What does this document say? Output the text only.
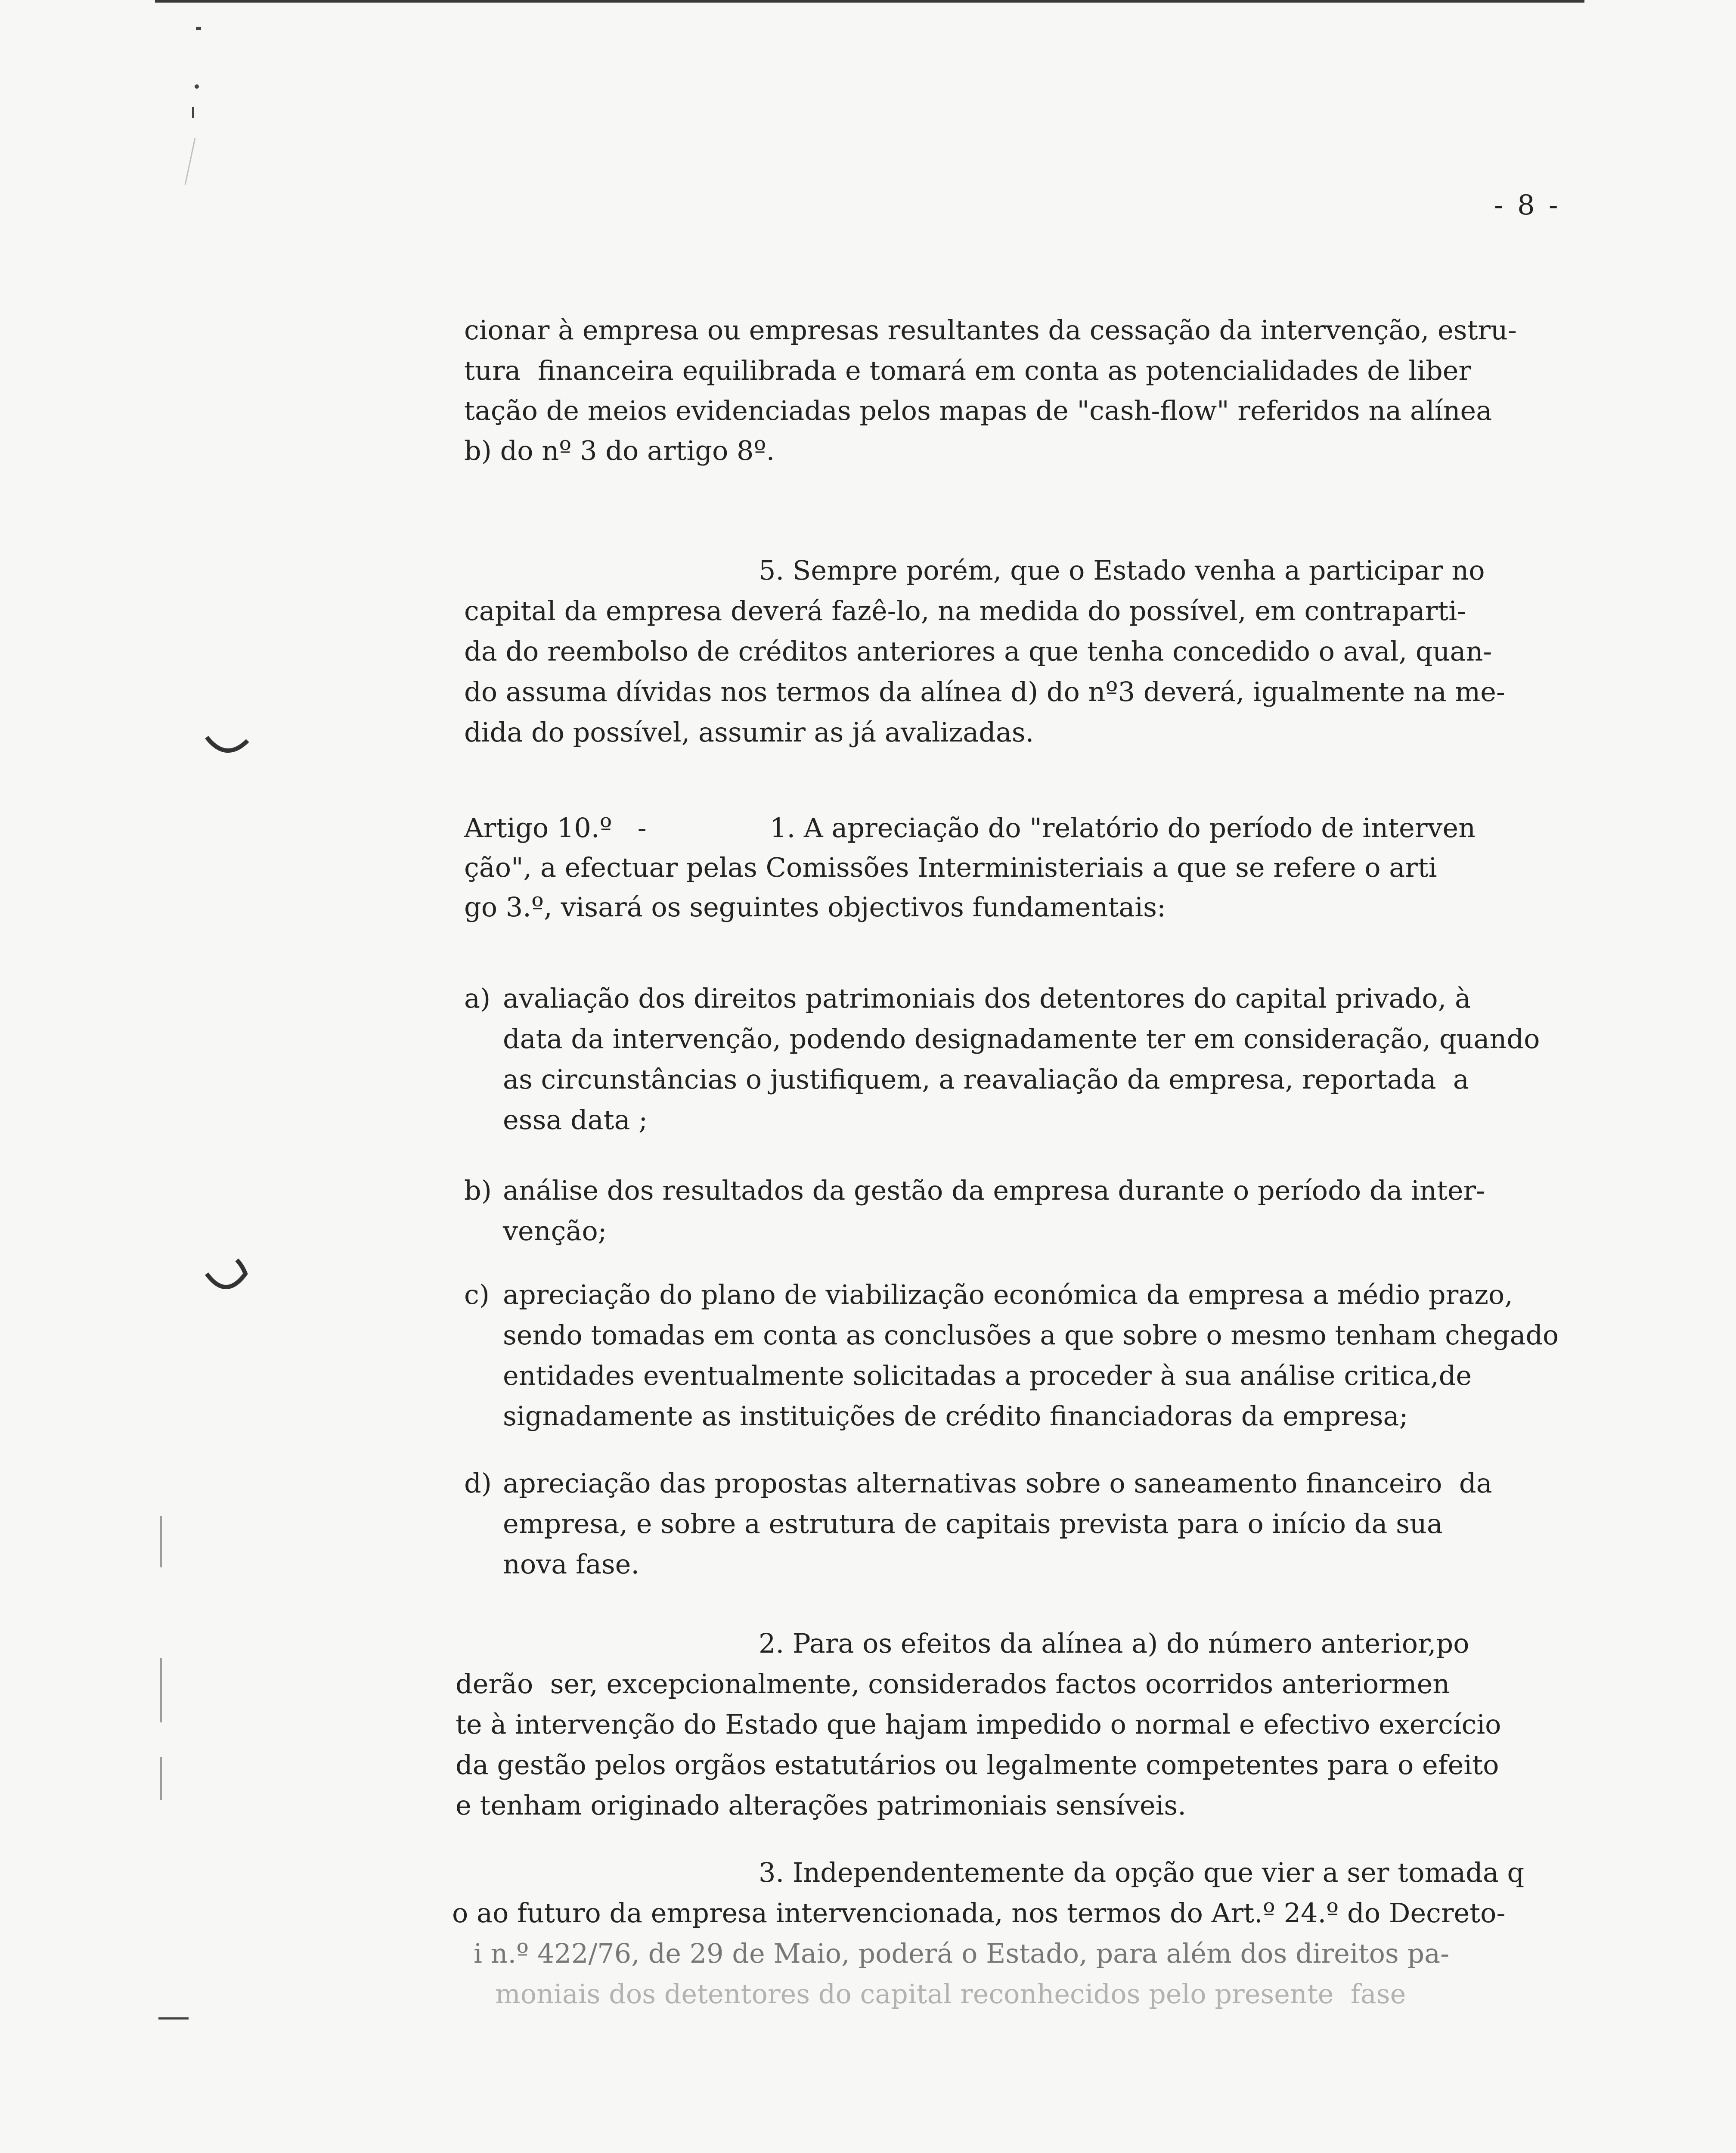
- 8 -

cionar à empresa ou empresas resultantes da cessação da intervenção, estru-

tura  financeira equilibrada e tomará em conta as potencialidades de liber

tação de meios evidenciadas pelos mapas de "cash-flow" referidos na alínea

b) do nº 3 do artigo 8º.

5. Sempre porém, que o Estado venha a participar no

capital da empresa deverá fazê-lo, na medida do possível, em contraparti-

da do reembolso de créditos anteriores a que tenha concedido o aval, quan-

do assuma dívidas nos termos da alínea d) do nº3 deverá, igualmente na me-

dida do possível, assumir as já avalizadas.

Artigo 10.º   -

	1. A apreciação do "relatório do período de interven

ção", a efectuar pelas Comissões Interministeriais a que se refere o arti

go 3.º, visará os seguintes objectivos fundamentais:

a)

avaliação dos direitos patrimoniais dos detentores do capital privado, à

data da intervenção, podendo designadamente ter em consideração, quando

as circunstâncias o justifiquem, a reavaliação da empresa, reportada  a

essa data ;

b)

análise dos resultados da gestão da empresa durante o período da inter-

venção;

c)

apreciação do plano de viabilização económica da empresa a médio prazo,

sendo tomadas em conta as conclusões a que sobre o mesmo tenham chegado

entidades eventualmente solicitadas a proceder à sua análise critica,de

signadamente as instituições de crédito financiadoras da empresa;

d)

apreciação das propostas alternativas sobre o saneamento financeiro  da

empresa, e sobre a estrutura de capitais prevista para o início da sua

nova fase.

2. Para os efeitos da alínea a) do número anterior,po

derão  ser, excepcionalmente, considerados factos ocorridos anteriormen

te à intervenção do Estado que hajam impedido o normal e efectivo exercício

da gestão pelos orgãos estatutários ou legalmente competentes para o efeito

e tenham originado alterações patrimoniais sensíveis.

3. Independentemente da opção que vier a ser tomada q

o ao futuro da empresa intervencionada, nos termos do Art.º 24.º do Decreto-

i n.º 422/76, de 29 de Maio, poderá o Estado, para além dos direitos pa-

moniais dos detentores do capital reconhecidos pelo presente  fase
